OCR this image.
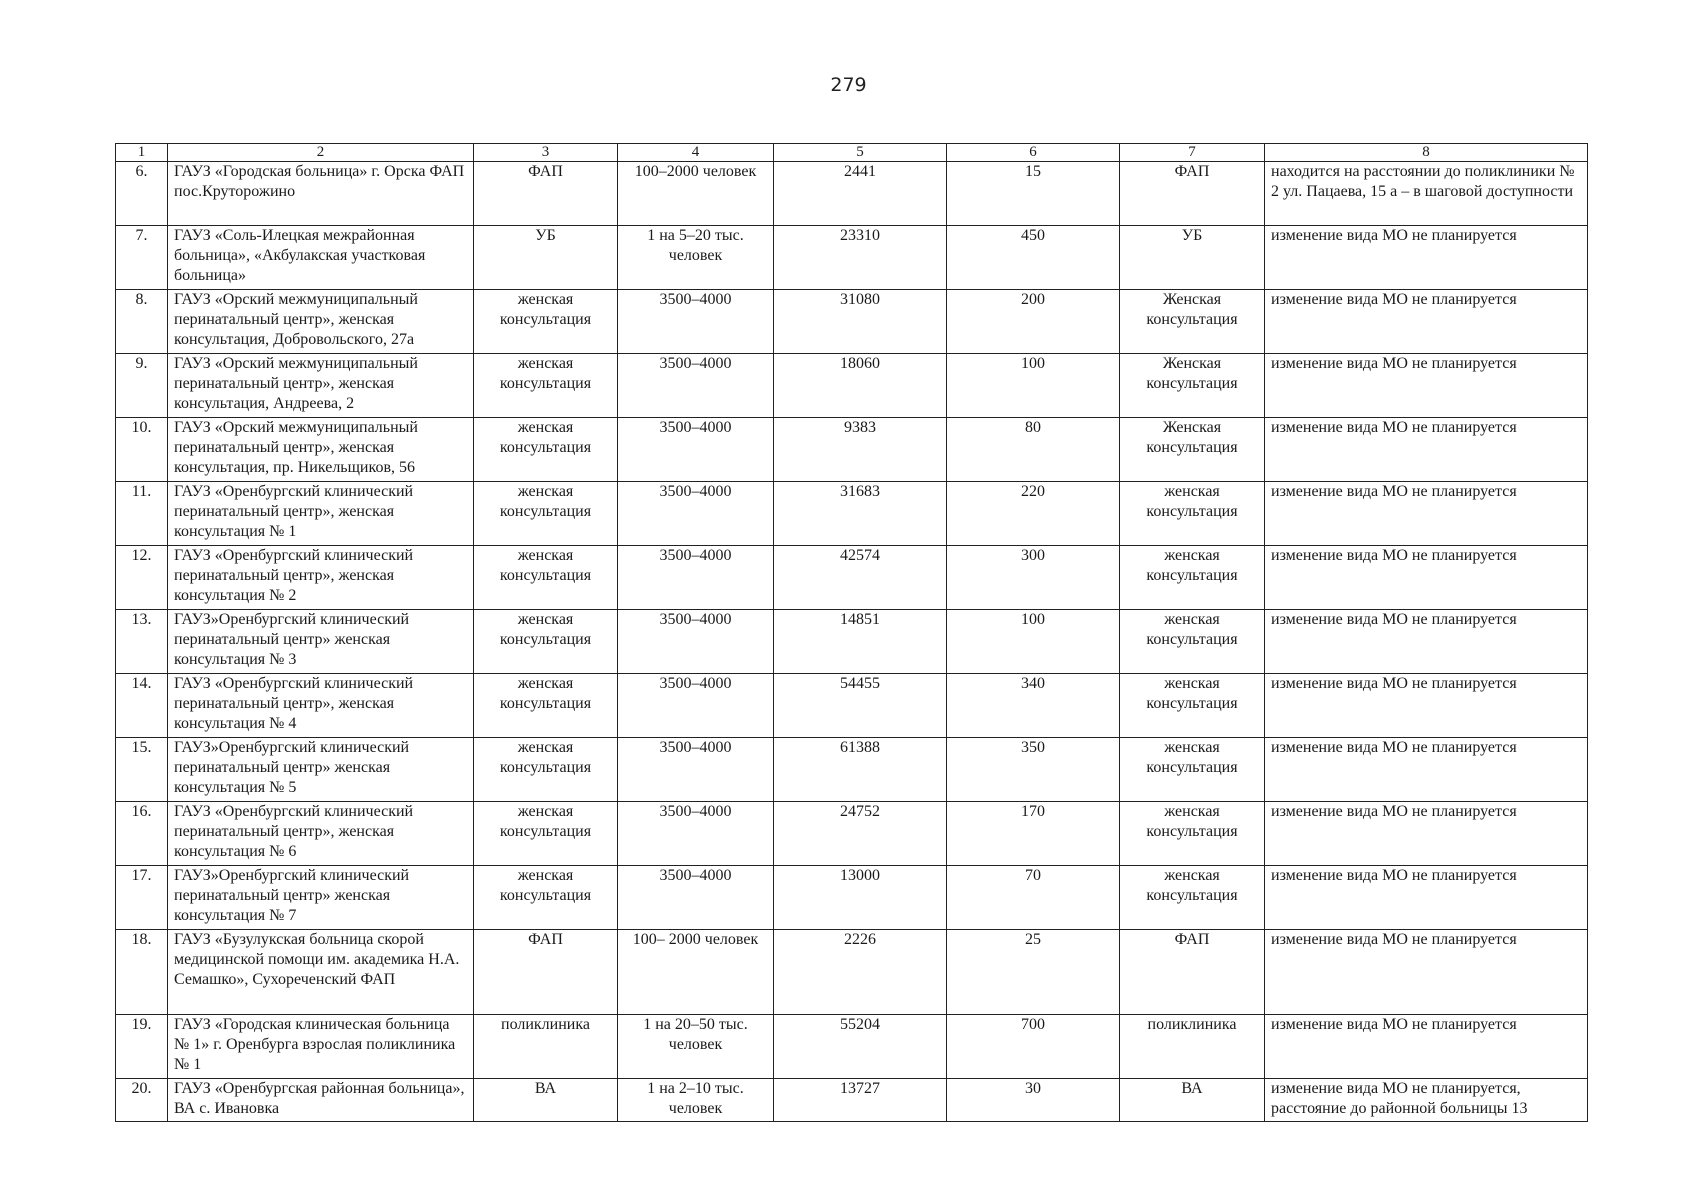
279
1	2	3	4	5	6	7	8
6.	ГАУЗ «Городская больница» г. Орска ФАП пос.Круторожино	ФАП	100–2000 человек	2441	15	ФАП	находится на расстоянии до поликлиники № 2 ул. Пацаева, 15 а – в шаговой доступности
7.	ГАУЗ «Соль-Илецкая межрайонная больница», «Акбулакская участковая больница»	УБ	1 на 5–20 тыс. человек	23310	450	УБ	изменение вида МО не планируется
8.	ГАУЗ «Орский межмуниципальный перинатальный центр», женская консультация, Добровольского, 27а	женская консультация	3500–4000	31080	200	Женская консультация	изменение вида МО не планируется
9.	ГАУЗ «Орский межмуниципальный перинатальный центр», женская консультация, Андреева, 2	женская консультация	3500–4000	18060	100	Женская консультация	изменение вида МО не планируется
10.	ГАУЗ «Орский межмуниципальный перинатальный центр», женская консультация, пр. Никельщиков, 56	женская консультация	3500–4000	9383	80	Женская консультация	изменение вида МО не планируется
11.	ГАУЗ «Оренбургский клинический перинатальный центр», женская консультация № 1	женская консультация	3500–4000	31683	220	женская консультация	изменение вида МО не планируется
12.	ГАУЗ «Оренбургский клинический перинатальный центр», женская консультация № 2	женская консультация	3500–4000	42574	300	женская консультация	изменение вида МО не планируется
13.	ГАУЗ»Оренбургский клинический перинатальный центр» женская консультация № 3	женская консультация	3500–4000	14851	100	женская консультация	изменение вида МО не планируется
14.	ГАУЗ «Оренбургский клинический перинатальный центр», женская консультация № 4	женская консультация	3500–4000	54455	340	женская консультация	изменение вида МО не планируется
15.	ГАУЗ»Оренбургский клинический перинатальный центр» женская консультация № 5	женская консультация	3500–4000	61388	350	женская консультация	изменение вида МО не планируется
16.	ГАУЗ «Оренбургский клинический перинатальный центр», женская консультация № 6	женская консультация	3500–4000	24752	170	женская консультация	изменение вида МО не планируется
17.	ГАУЗ»Оренбургский клинический перинатальный центр» женская консультация № 7	женская консультация	3500–4000	13000	70	женская консультация	изменение вида МО не планируется
18.	ГАУЗ «Бузулукская больница скорой медицинской помощи им. академика Н.А. Семашко», Сухореченский ФАП	ФАП	100– 2000 человек	2226	25	ФАП	изменение вида МО не планируется
19.	ГАУЗ «Городская клиническая больница № 1» г. Оренбурга взрослая поликлиника № 1	поликлиника	1 на 20–50 тыс. человек	55204	700	поликлиника	изменение вида МО не планируется
20.	ГАУЗ «Оренбургская районная больница», ВА с. Ивановка	ВА	1 на 2–10 тыс. человек	13727	30	ВА	изменение вида МО не планируется, расстояние до районной больницы 13
